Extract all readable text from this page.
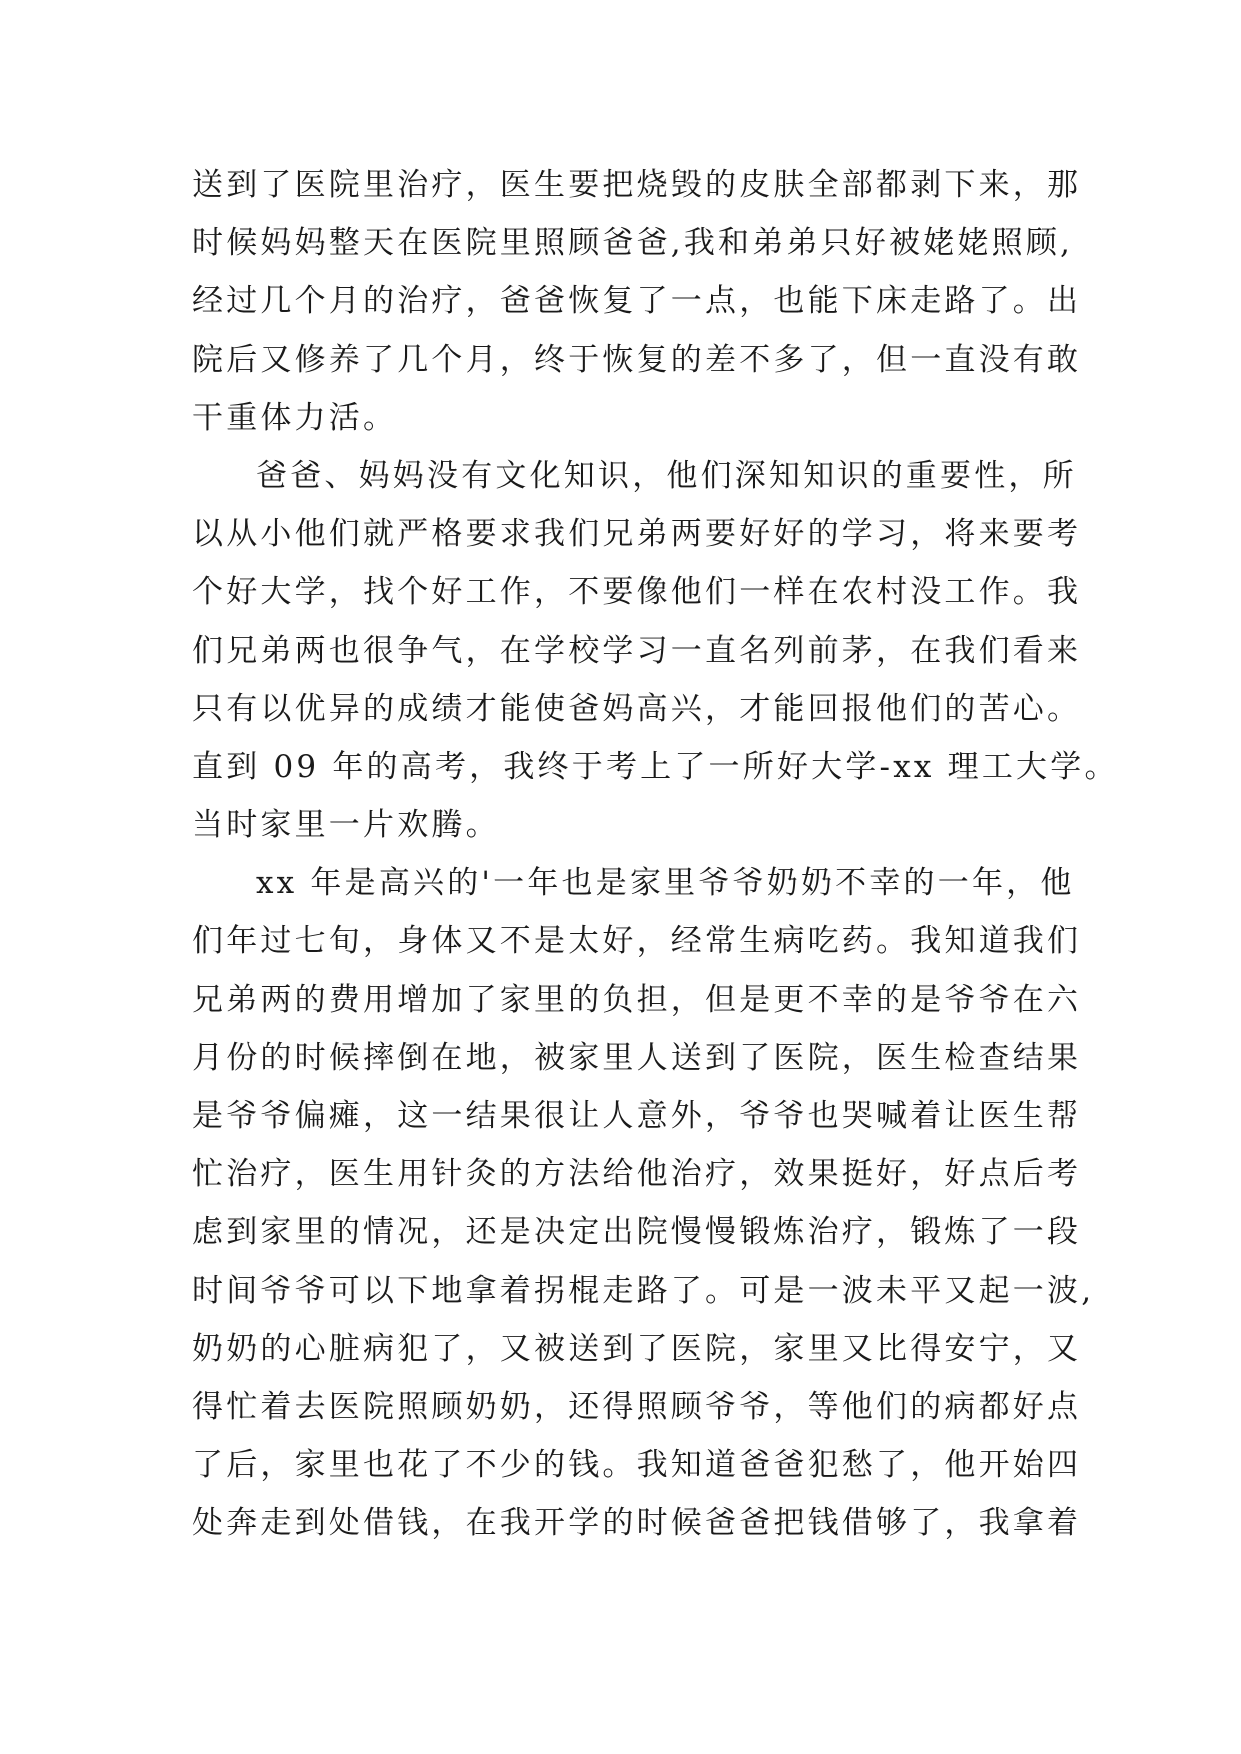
送到了医院里治疗，医生要把烧毁的皮肤全部都剥下来，那
时候妈妈整天在医院里照顾爸爸,我和弟弟只好被姥姥照顾,
经过几个月的治疗，爸爸恢复了一点，也能下床走路了。出
院后又修养了几个月，终于恢复的差不多了，但一直没有敢
干重体力活。
爸爸、妈妈没有文化知识，他们深知知识的重要性，所
以从小他们就严格要求我们兄弟两要好好的学习，将来要考
个好大学，找个好工作，不要像他们一样在农村没工作。我
们兄弟两也很争气，在学校学习一直名列前茅，在我们看来
只有以优异的成绩才能使爸妈高兴，才能回报他们的苦心。
直到 09 年的高考，我终于考上了一所好大学-xx 理工大学。
当时家里一片欢腾。
xx 年是高兴的'一年也是家里爷爷奶奶不幸的一年，他
们年过七旬，身体又不是太好，经常生病吃药。我知道我们
兄弟两的费用增加了家里的负担，但是更不幸的是爷爷在六
月份的时候摔倒在地，被家里人送到了医院，医生检查结果
是爷爷偏瘫，这一结果很让人意外，爷爷也哭喊着让医生帮
忙治疗，医生用针灸的方法给他治疗，效果挺好，好点后考
虑到家里的情况，还是决定出院慢慢锻炼治疗，锻炼了一段
时间爷爷可以下地拿着拐棍走路了。可是一波未平又起一波,
奶奶的心脏病犯了，又被送到了医院，家里又比得安宁，又
得忙着去医院照顾奶奶，还得照顾爷爷，等他们的病都好点
了后，家里也花了不少的钱。我知道爸爸犯愁了，他开始四
处奔走到处借钱，在我开学的时候爸爸把钱借够了，我拿着
